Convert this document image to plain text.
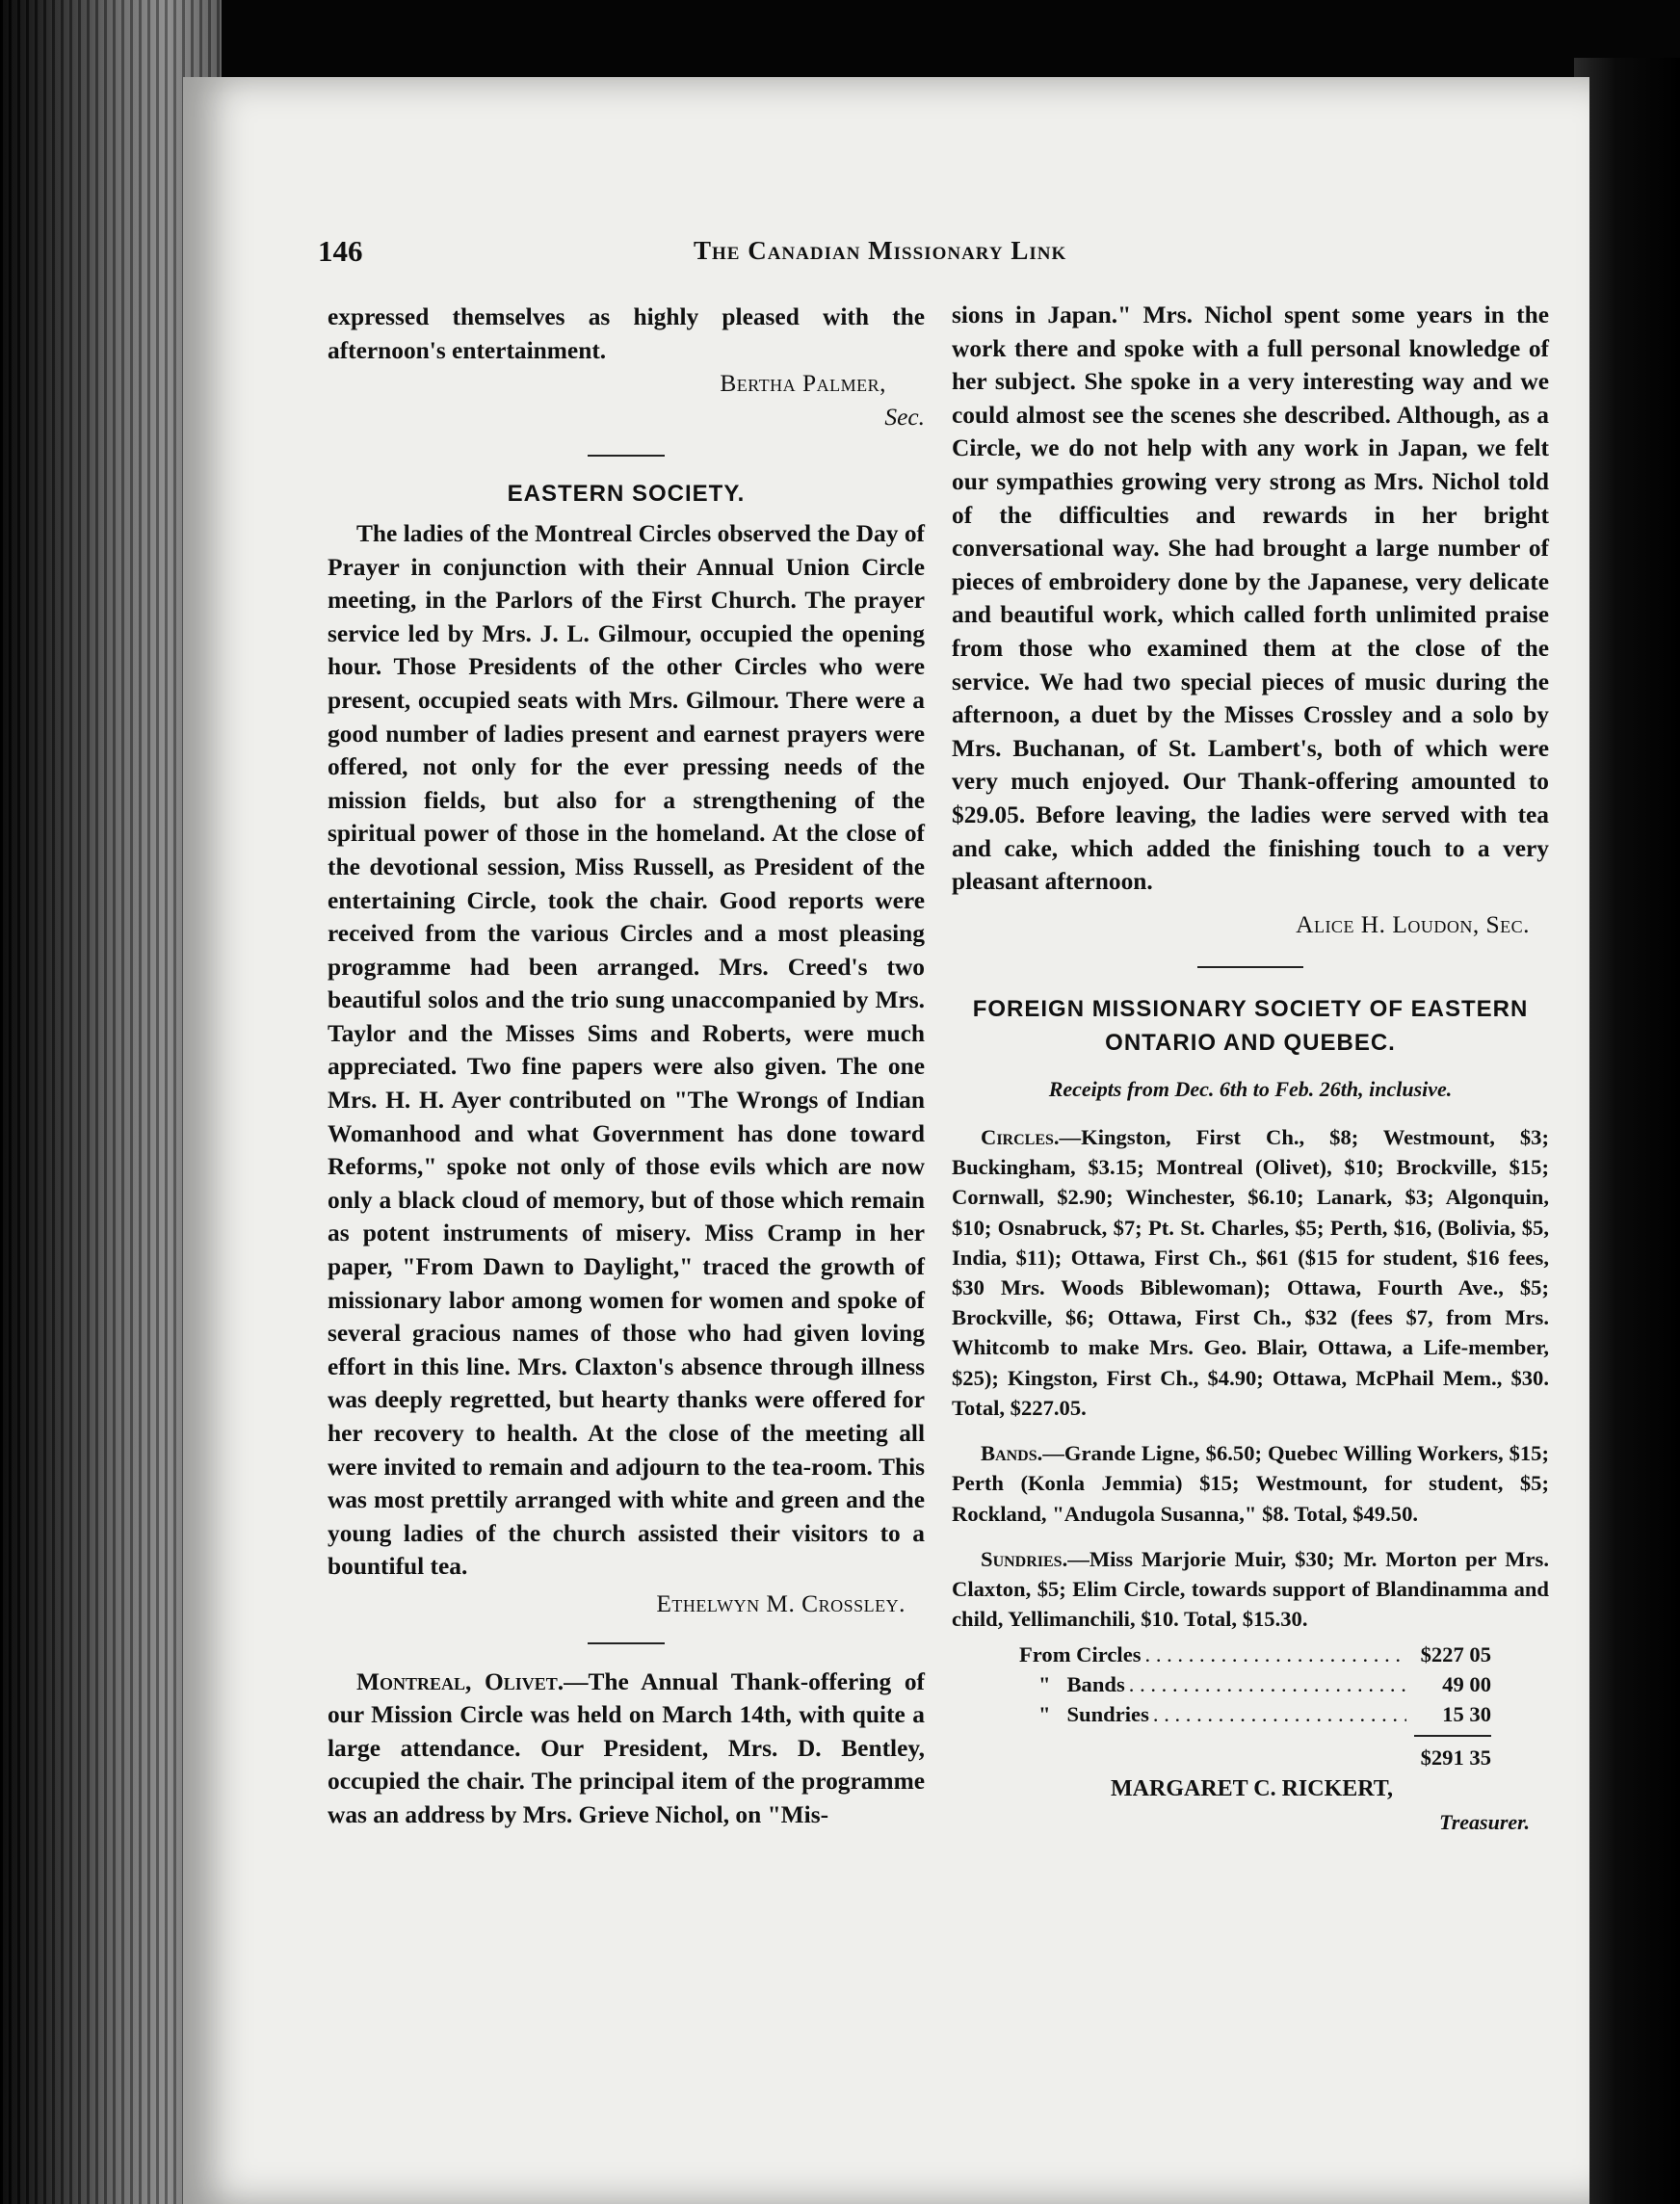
146	The Canadian Missionary Link

expressed themselves as highly pleased with the afternoon's entertainment.

Bertha Palmer,

Sec.

EASTERN SOCIETY.

The ladies of the Montreal Circles observed the Day of Prayer in conjunction with their Annual Union Circle meeting, in the Parlors of the First Church. The prayer service led by Mrs. J. L. Gilmour, occupied the opening hour. Those Presidents of the other Circles who were present, occupied seats with Mrs. Gilmour. There were a good number of ladies present and earnest prayers were offered, not only for the ever pressing needs of the mission fields, but also for a strengthening of the spiritual power of those in the homeland. At the close of the devotional session, Miss Russell, as President of the entertaining Circle, took the chair. Good reports were received from the various Circles and a most pleasing programme had been arranged. Mrs. Creed's two beautiful solos and the trio sung unaccompanied by Mrs. Taylor and the Misses Sims and Roberts, were much appreciated. Two fine papers were also given. The one Mrs. H. H. Ayer contributed on "The Wrongs of Indian Womanhood and what Government has done toward Reforms," spoke not only of those evils which are now only a black cloud of memory, but of those which remain as potent instruments of misery. Miss Cramp in her paper, "From Dawn to Daylight," traced the growth of missionary labor among women for women and spoke of several gracious names of those who had given loving effort in this line. Mrs. Claxton's absence through illness was deeply regretted, but hearty thanks were offered for her recovery to health. At the close of the meeting all were invited to remain and adjourn to the tea-room. This was most prettily arranged with white and green and the young ladies of the church assisted their visitors to a bountiful tea.

Ethelwyn M. Crossley.

Montreal, Olivet.—The Annual Thank-offering of our Mission Circle was held on March 14th, with quite a large attendance. Our President, Mrs. D. Bentley, occupied the chair. The principal item of the programme was an address by Mrs. Grieve Nichol, on "Mis-

sions in Japan." Mrs. Nichol spent some years in the work there and spoke with a full personal knowledge of her subject. She spoke in a very interesting way and we could almost see the scenes she described. Although, as a Circle, we do not help with any work in Japan, we felt our sympathies growing very strong as Mrs. Nichol told of the difficulties and rewards in her bright conversational way. She had brought a large number of pieces of embroidery done by the Japanese, very delicate and beautiful work, which called forth unlimited praise from those who examined them at the close of the service. We had two special pieces of music during the afternoon, a duet by the Misses Crossley and a solo by Mrs. Buchanan, of St. Lambert's, both of which were very much enjoyed. Our Thank-offering amounted to $29.05. Before leaving, the ladies were served with tea and cake, which added the finishing touch to a very pleasant afternoon.

Alice H. Loudon, Sec.

FOREIGN MISSIONARY SOCIETY OF EASTERN
ONTARIO AND QUEBEC.

Receipts from Dec. 6th to Feb. 26th, inclusive.

Circles.—Kingston, First Ch., $8; Westmount, $3; Buckingham, $3.15; Montreal (Olivet), $10; Brockville, $15; Cornwall, $2.90; Winchester, $6.10; Lanark, $3; Algonquin, $10; Osnabruck, $7; Pt. St. Charles, $5; Perth, $16, (Bolivia, $5, India, $11); Ottawa, First Ch., $61 ($15 for student, $16 fees, $30 Mrs. Woods Biblewoman); Ottawa, Fourth Ave., $5; Brockville, $6; Ottawa, First Ch., $32 (fees $7, from Mrs. Whitcomb to make Mrs. Geo. Blair, Ottawa, a Life-member, $25); Kingston, First Ch., $4.90; Ottawa, McPhail Mem., $30. Total, $227.05.

Bands.—Grande Ligne, $6.50; Quebec Willing Workers, $15; Perth (Konla Jemmia) $15; Westmount, for student, $5; Rockland, "Andugola Susanna," $8. Total, $49.50.

Sundries.—Miss Marjorie Muir, $30; Mr. Morton per Mrs. Claxton, $5; Elim Circle, towards support of Blandinamma and child, Yellimanchili, $10. Total, $15.30.

From Circles . . .	$227 05
"   Bands . . .	49 00
"   Sundries . . .	15 30
$291 35

MARGARET C. RICKERT,

Treasurer.
